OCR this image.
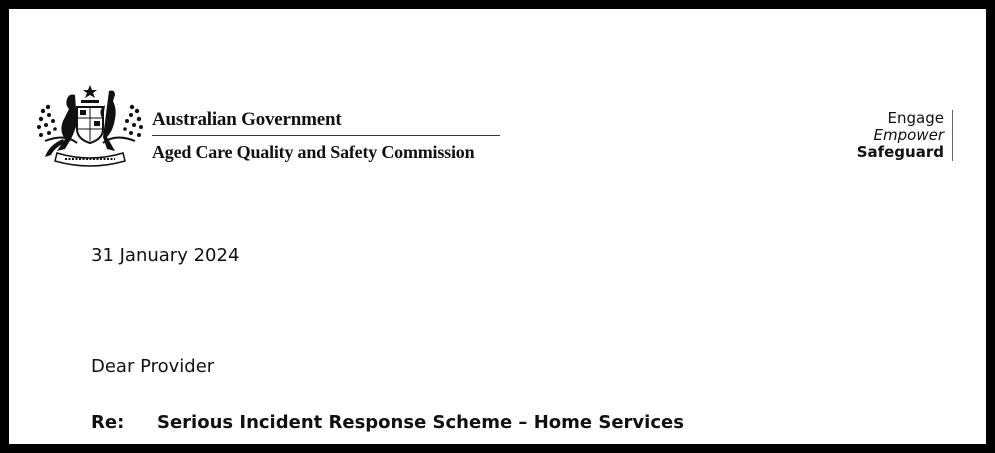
Australian Government
Aged Care Quality and Safety Commission
Engage
Empower
Safeguard
31 January 2024
Dear Provider
Re: Serious Incident Response Scheme – Home Services
